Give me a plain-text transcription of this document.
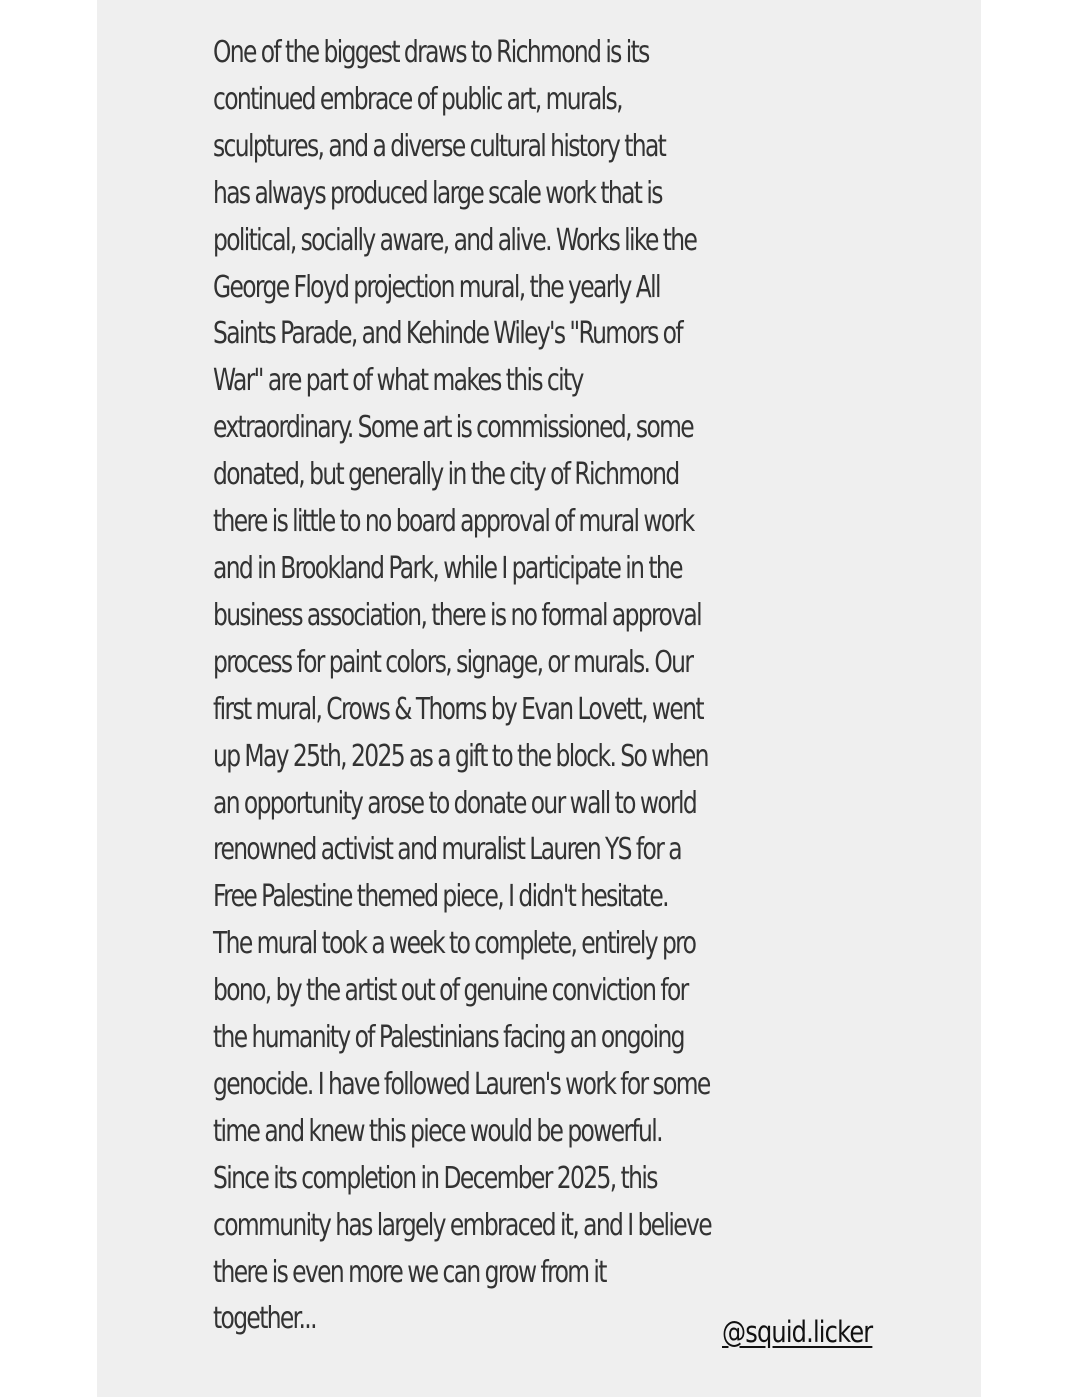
One of the biggest draws to Richmond is its
continued embrace of public art, murals,
sculptures, and a diverse cultural history that
has always produced large scale work that is
political, socially aware, and alive. Works like the
George Floyd projection mural, the yearly All
Saints Parade, and Kehinde Wiley's "Rumors of
War" are part of what makes this city
extraordinary. Some art is commissioned, some
donated, but generally in the city of Richmond
there is little to no board approval of mural work
and in Brookland Park, while I participate in the
business association, there is no formal approval
process for paint colors, signage, or murals. Our
first mural, Crows & Thorns by Evan Lovett, went
up May 25th, 2025 as a gift to the block. So when
an opportunity arose to donate our wall to world
renowned activist and muralist Lauren YS for a
Free Palestine themed piece, I didn't hesitate.
The mural took a week to complete, entirely pro
bono, by the artist out of genuine conviction for
the humanity of Palestinians facing an ongoing
genocide. I have followed Lauren's work for some
time and knew this piece would be powerful.
Since its completion in December 2025, this
community has largely embraced it, and I believe
there is even more we can grow from it
together...	@squid.licker
